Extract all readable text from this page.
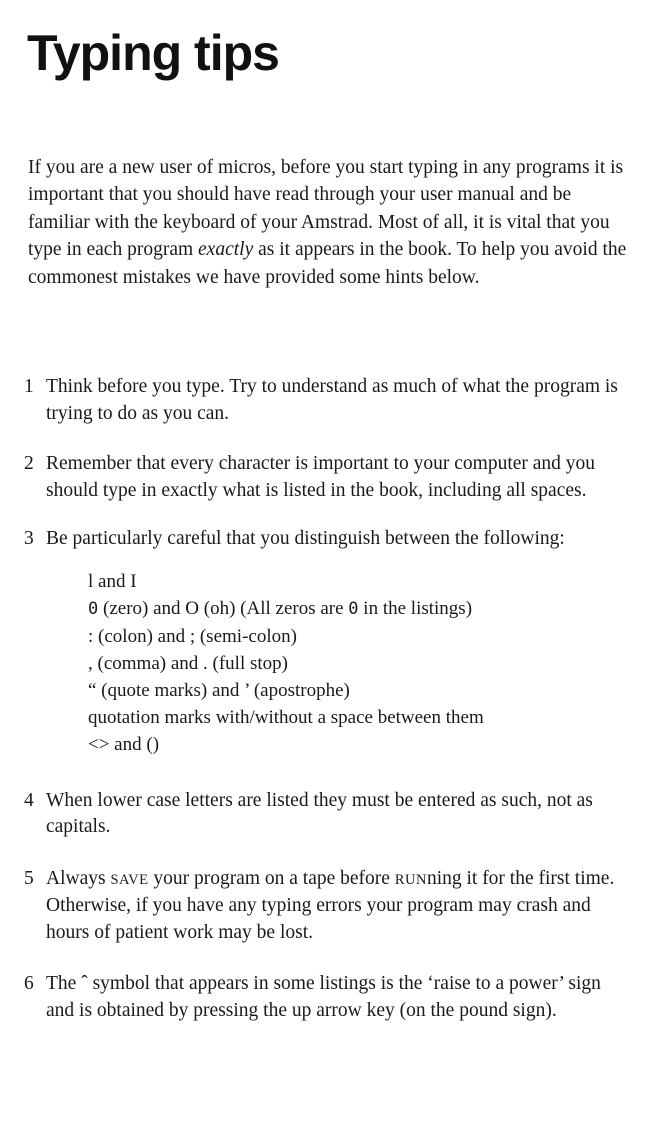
Typing tips

If you are a new user of micros, before you start typing in any programs it is important that you should have read through your user manual and be familiar with the keyboard of your Amstrad. Most of all, it is vital that you type in each program exactly as it appears in the book. To help you avoid the commonest mistakes we have provided some hints below.

1 Think before you type. Try to understand as much of what the program is trying to do as you can.
2 Remember that every character is important to your computer and you should type in exactly what is listed in the book, including all spaces.
3 Be particularly careful that you distinguish between the following:
l and I
0 (zero) and O (oh) (All zeros are 0 in the listings)
: (colon) and ; (semi-colon)
, (comma) and . (full stop)
“ (quote marks) and ’ (apostrophe)
quotation marks with/without a space between them
<> and ()
4 When lower case letters are listed they must be entered as such, not as capitals.
5 Always SAVE your program on a tape before RUNning it for the first time. Otherwise, if you have any typing errors your program may crash and hours of patient work may be lost.
6 The ˆ symbol that appears in some listings is the ‘raise to a power’ sign and is obtained by pressing the up arrow key (on the pound sign).
